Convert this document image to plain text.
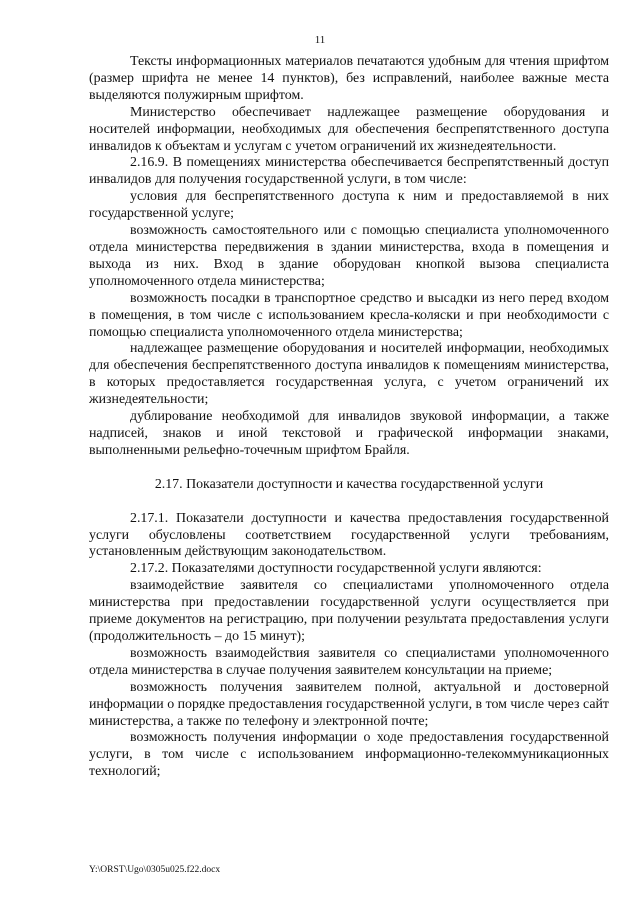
11

Тексты информационных материалов печатаются удобным для чтения шрифтом (размер шрифта не менее 14 пунктов), без исправлений, наиболее важные места выделяются полужирным шрифтом.

Министерство обеспечивает надлежащее размещение оборудования и носителей информации, необходимых для обеспечения беспрепятственного доступа инвалидов к объектам и услугам с учетом ограничений их жизнедеятельности.

2.16.9. В помещениях министерства обеспечивается беспрепятственный доступ инвалидов для получения государственной услуги, в том числе:

условия для беспрепятственного доступа к ним и предоставляемой в них государственной услуге;

возможность самостоятельного или с помощью специалиста уполномоченного отдела министерства передвижения в здании министерства, входа в помещения и выхода из них. Вход в здание оборудован кнопкой вызова специалиста уполномоченного отдела министерства;

возможность посадки в транспортное средство и высадки из него перед входом в помещения, в том числе с использованием кресла-коляски и при необходимости с помощью специалиста уполномоченного отдела министерства;

надлежащее размещение оборудования и носителей информации, необходимых для обеспечения беспрепятственного доступа инвалидов к помещениям министерства, в которых предоставляется государственная услуга, с учетом ограничений их жизнедеятельности;

дублирование необходимой для инвалидов звуковой информации, а также надписей, знаков и иной текстовой и графической информации знаками, выполненными рельефно-точечным шрифтом Брайля.

2.17. Показатели доступности и качества государственной услуги

2.17.1. Показатели доступности и качества предоставления государственной услуги обусловлены соответствием государственной услуги требованиям, установленным действующим законодательством.

2.17.2. Показателями доступности государственной услуги являются:

взаимодействие заявителя со специалистами уполномоченного отдела министерства при предоставлении государственной услуги осуществляется при приеме документов на регистрацию, при получении результата предоставления услуги (продолжительность – до 15 минут);

возможность взаимодействия заявителя со специалистами уполномоченного отдела министерства в случае получения заявителем консультации на приеме;

возможность получения заявителем полной, актуальной и достоверной информации о порядке предоставления государственной услуги, в том числе через сайт министерства, а также по телефону и электронной почте;

возможность получения информации о ходе предоставления государственной услуги, в том числе с использованием информационно-телекоммуникационных технологий;

Y:\ORST\Ugo\0305u025.f22.docx
